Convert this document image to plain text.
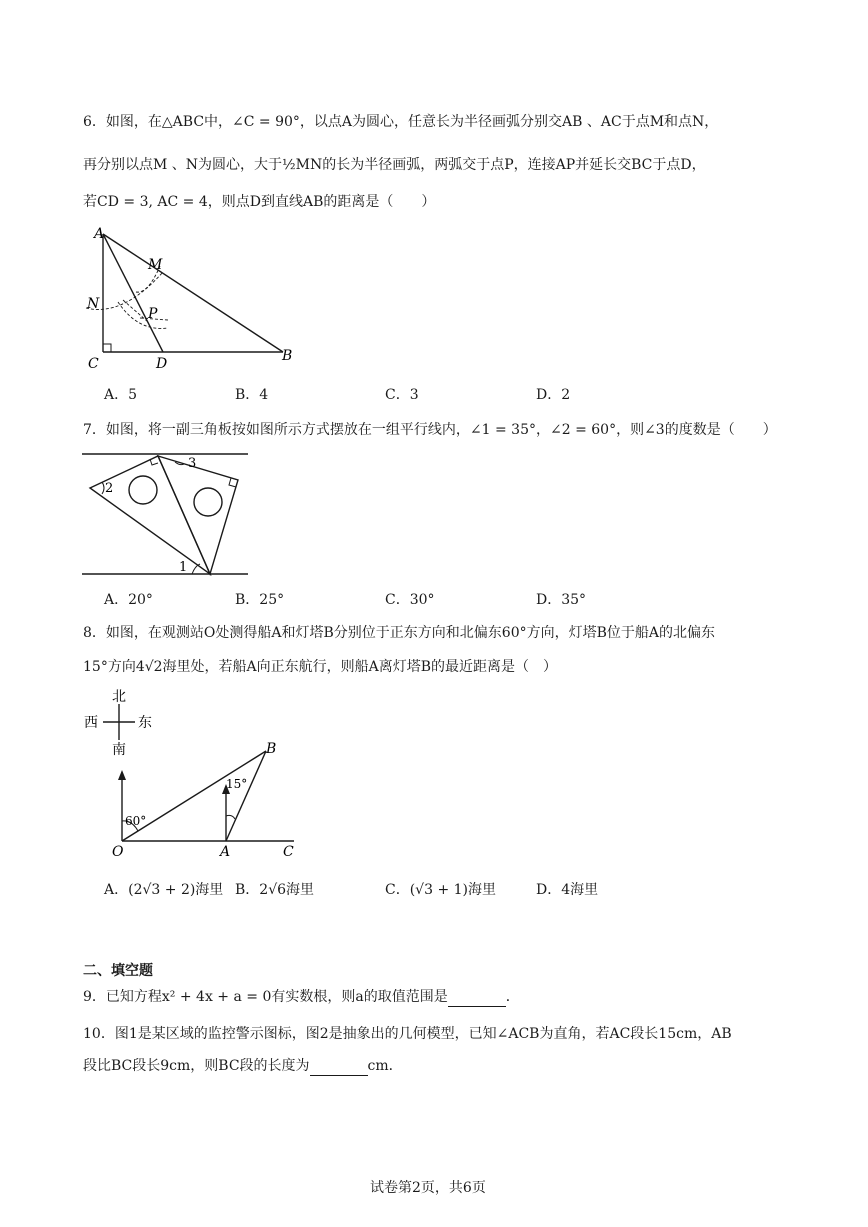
6．如图，在△ABC中，∠C = 90°，以点A为圆心，任意长为半径画弧分别交AB 、AC于点M和点N，
再分别以点M 、N为圆心，大于½MN的长为半径画弧，两弧交于点P，连接AP并延长交BC于点D，
若CD = 3, AC = 4，则点D到直线AB的距离是（　　）
A
M
N
P
C	D	B
A．5	B．4	C．3	D．2
7．如图，将一副三角板按如图所示方式摆放在一组平行线内，∠1 = 35°，∠2 = 60°，则∠3的度数是（　　）
1
2
3
A．20°	B．25°	C．30°	D．35°
8．如图，在观测站O处测得船A和灯塔B分别位于正东方向和北偏东60°方向，灯塔B位于船A的北偏东
15°方向4√2海里处，若船A向正东航行，则船A离灯塔B的最近距离是（　）
北
西	东
南
O	A	C
B
60°
15°
A．(2√3 + 2)海里 B．2√6海里	C．(√3 + 1)海里	D．4海里
二、填空题
9．已知方程x² + 4x + a = 0有实数根，则a的取值范围是	．
10．图1是某区域的监控警示图标，图2是抽象出的几何模型，已知∠ACB为直角，若AC段长15cm，AB
段比BC段长9cm，则BC段的长度为	cm．
试卷第2页，共6页
